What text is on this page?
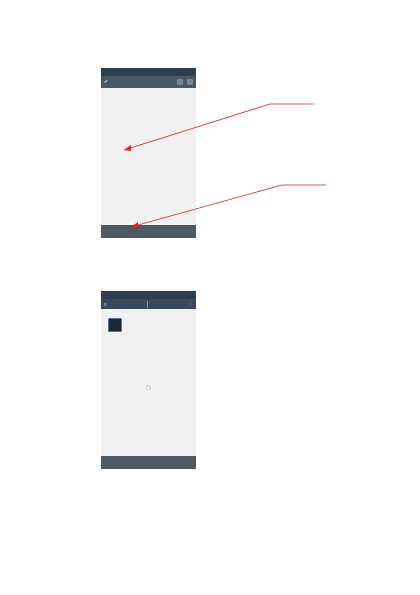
✔
≡	⋮
